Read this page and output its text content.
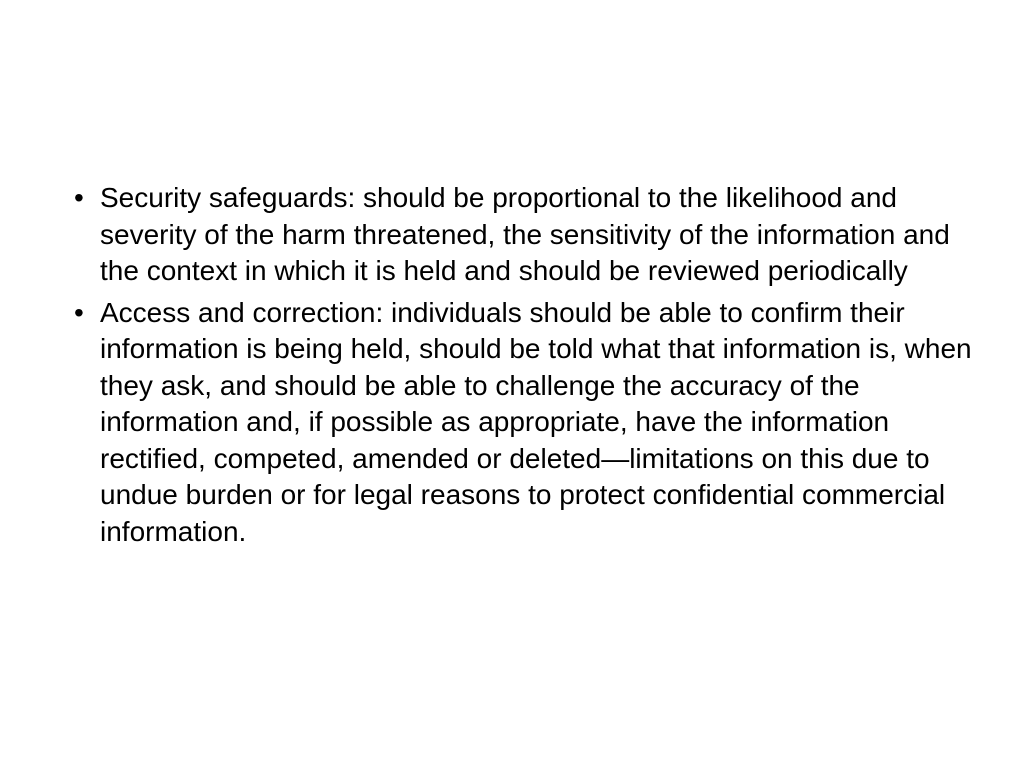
• Security safeguards: should be proportional to the likelihood and severity of the harm threatened, the sensitivity of the information and the context in which it is held and should be reviewed periodically
• Access and correction: individuals should be able to confirm their information is being held, should be told what that information is, when they ask, and should be able to challenge the accuracy of the information and, if possible as appropriate, have the information rectified, competed, amended or deleted—limitations on this due to undue burden or for legal reasons to protect confidential commercial information.
